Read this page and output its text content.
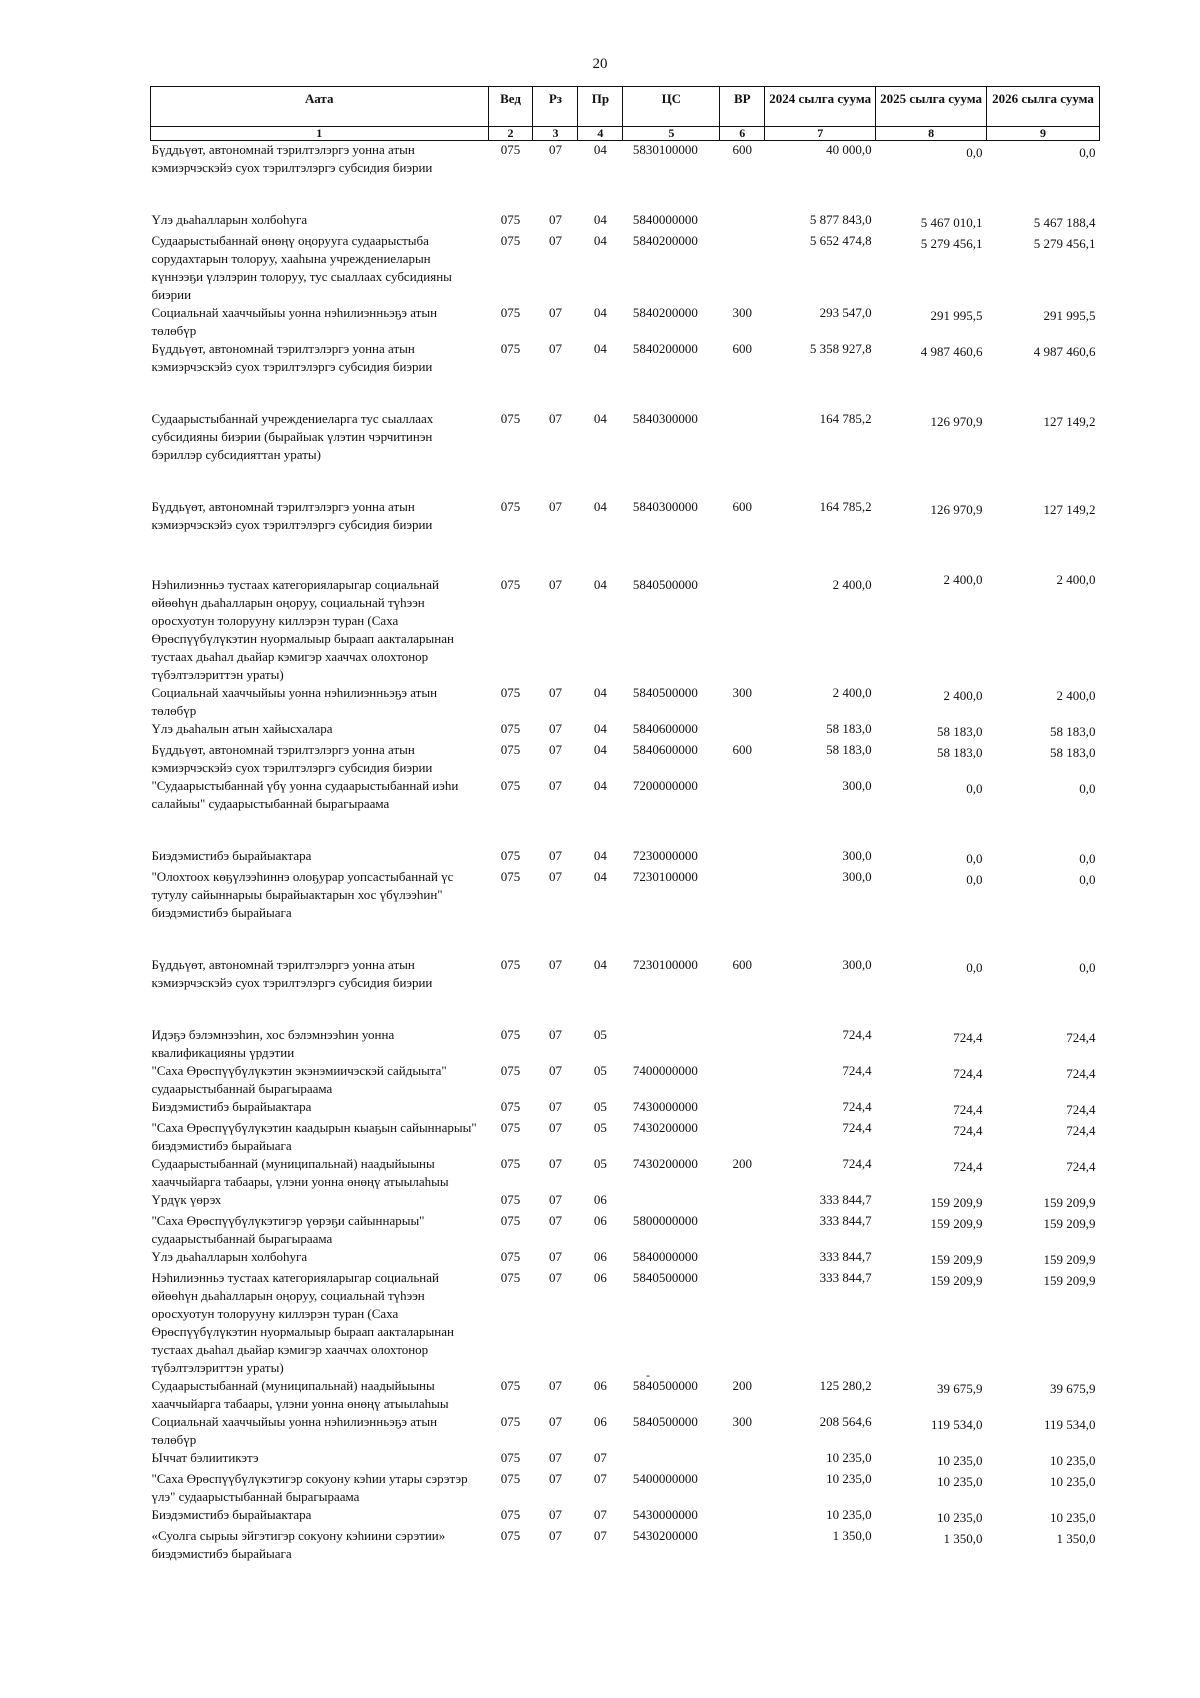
20
Аата	Вед	Рз	Пр	ЦС	ВР	2024 сылга суума	2025 сылга суума	2026 сылга суума
1	2	3	4	5	6	7	8	9
Бүддьүөт, автономнай тэрилтэлэргэ уонна атын кэмиэрчэскэйэ суох тэрилтэлэргэ субсидия биэрии	075	07	04	5830100000	600	40 000,0	0,0	0,0
Үлэ дьаһалларын холбоһуга	075	07	04	5840000000		5 877 843,0	5 467 010,1	5 467 188,4
Судаарыстыбаннай өнөңү оңорууга судаарыстыба сорудахтарын толоруу, хааһына учреждениеларын күннээҕи үлэлэрин толоруу, тус сыаллаах субсидияны биэрии	075	07	04	5840200000		5 652 474,8	5 279 456,1	5 279 456,1
Социальнай хааччыйыы уонна нэһилиэнньэҕэ атын төлөбүр	075	07	04	5840200000	300	293 547,0	291 995,5	291 995,5
Бүддьүөт, автономнай тэрилтэлэргэ уонна атын кэмиэрчэскэйэ суох тэрилтэлэргэ субсидия биэрии	075	07	04	5840200000	600	5 358 927,8	4 987 460,6	4 987 460,6
Судаарыстыбаннай учреждениеларга тус сыаллаах субсидияны биэрии (бырайыак үлэтин чэрчитинэн бэриллэр субсидияттан ураты)	075	07	04	5840300000		164 785,2	126 970,9	127 149,2
Бүддьүөт, автономнай тэрилтэлэргэ уонна атын кэмиэрчэскэйэ суох тэрилтэлэргэ субсидия биэрии	075	07	04	5840300000	600	164 785,2	126 970,9	127 149,2
Нэһилиэнньэ тустаах категорияларыгар социальнай өйөөһүн дьаһалларын оңоруу, социальнай түһээн оросхуотун толорууну киллэрэн туран (Саха Өрөспүүбүлүкэтин нуормалыыр быраап аакталарынан тустаах дьаһал дьайар кэмигэр хааччах олохтонор түбэлтэлэриттэн ураты)	075	07	04	5840500000		2 400,0	2 400,0	2 400,0
Социальнай хааччыйыы уонна нэһилиэнньэҕэ атын төлөбүр	075	07	04	5840500000	300	2 400,0	2 400,0	2 400,0
Үлэ дьаһалын атын хайысхалара	075	07	04	5840600000		58 183,0	58 183,0	58 183,0
Бүддьүөт, автономнай тэрилтэлэргэ уонна атын кэмиэрчэскэйэ суох тэрилтэлэргэ субсидия биэрии	075	07	04	5840600000	600	58 183,0	58 183,0	58 183,0
"Судаарыстыбаннай үбү уонна судаарыстыбаннай иэһи салайыы" судаарыстыбаннай бырагыраама	075	07	04	7200000000		300,0	0,0	0,0
Биэдэмистибэ бырайыактара	075	07	04	7230000000		300,0	0,0	0,0
"Олохтоох көҕүлээһиннэ олоҕурар уопсастыбаннай үс тутулу сайыннарыы бырайыактарын хос үбүлээһин" биэдэмистибэ бырайыага	075	07	04	7230100000		300,0	0,0	0,0
Бүддьүөт, автономнай тэрилтэлэргэ уонна атын кэмиэрчэскэйэ суох тэрилтэлэргэ субсидия биэрии	075	07	04	7230100000	600	300,0	0,0	0,0
Идэҕэ бэлэмнээһин, хос бэлэмнээһин уонна квалификацияны үрдэтии	075	07	05			724,4	724,4	724,4
"Саха Өрөспүүбүлүкэтин экэнэмиичэскэй сайдыыта" судаарыстыбаннай бырагыраама	075	07	05	7400000000		724,4	724,4	724,4
Биэдэмистибэ бырайыактара	075	07	05	7430000000		724,4	724,4	724,4
"Саха Өрөспүүбүлүкэтин каадырын кыаҕын сайыннарыы" биэдэмистибэ бырайыага	075	07	05	7430200000		724,4	724,4	724,4
Судаарыстыбаннай (муниципальнай) наадыйыыны хааччыйарга табаары, үлэни уонна өнөңү атыылаһыы	075	07	05	7430200000	200	724,4	724,4	724,4
Үрдүк үөрэх	075	07	06			333 844,7	159 209,9	159 209,9
"Саха Өрөспүүбүлүкэтигэр үөрэҕи сайыннарыы" судаарыстыбаннай бырагыраама	075	07	06	5800000000		333 844,7	159 209,9	159 209,9
Үлэ дьаһалларын холбоһуга	075	07	06	5840000000		333 844,7	159 209,9	159 209,9
Нэһилиэнньэ тустаах категорияларыгар социальнай өйөөһүн дьаһалларын оңоруу, социальнай түһээн оросхуотун толорууну киллэрэн туран (Саха Өрөспүүбүлүкэтин нуормалыыр быраап аакталарынан тустаах дьаһал дьайар кэмигэр хааччах олохтонор түбэлтэлэриттэн ураты)	075	07	06	5840500000		333 844,7	159 209,9	159 209,9
Судаарыстыбаннай (муниципальнай) наадыйыыны хааччыйарга табаары, үлэни уонна өнөңү атыылаһыы	075	07	06	5840500000	200	125 280,2	39 675,9	39 675,9
Социальнай хааччыйыы уонна нэһилиэнньэҕэ атын төлөбүр	075	07	06	5840500000	300	208 564,6	119 534,0	119 534,0
Ыччат бэлиитикэтэ	075	07	07			10 235,0	10 235,0	10 235,0
"Саха Өрөспүүбүлүкэтигэр сокуону кэһии утары сэрэтэр үлэ" судаарыстыбаннай бырагыраама	075	07	07	5400000000		10 235,0	10 235,0	10 235,0
Биэдэмистибэ бырайыактара	075	07	07	5430000000		10 235,0	10 235,0	10 235,0
«Суолга сырыы эйгэтигэр сокуону кэһиини сэрэтии» биэдэмистибэ бырайыага	075	07	07	5430200000		1 350,0	1 350,0	1 350,0
-
